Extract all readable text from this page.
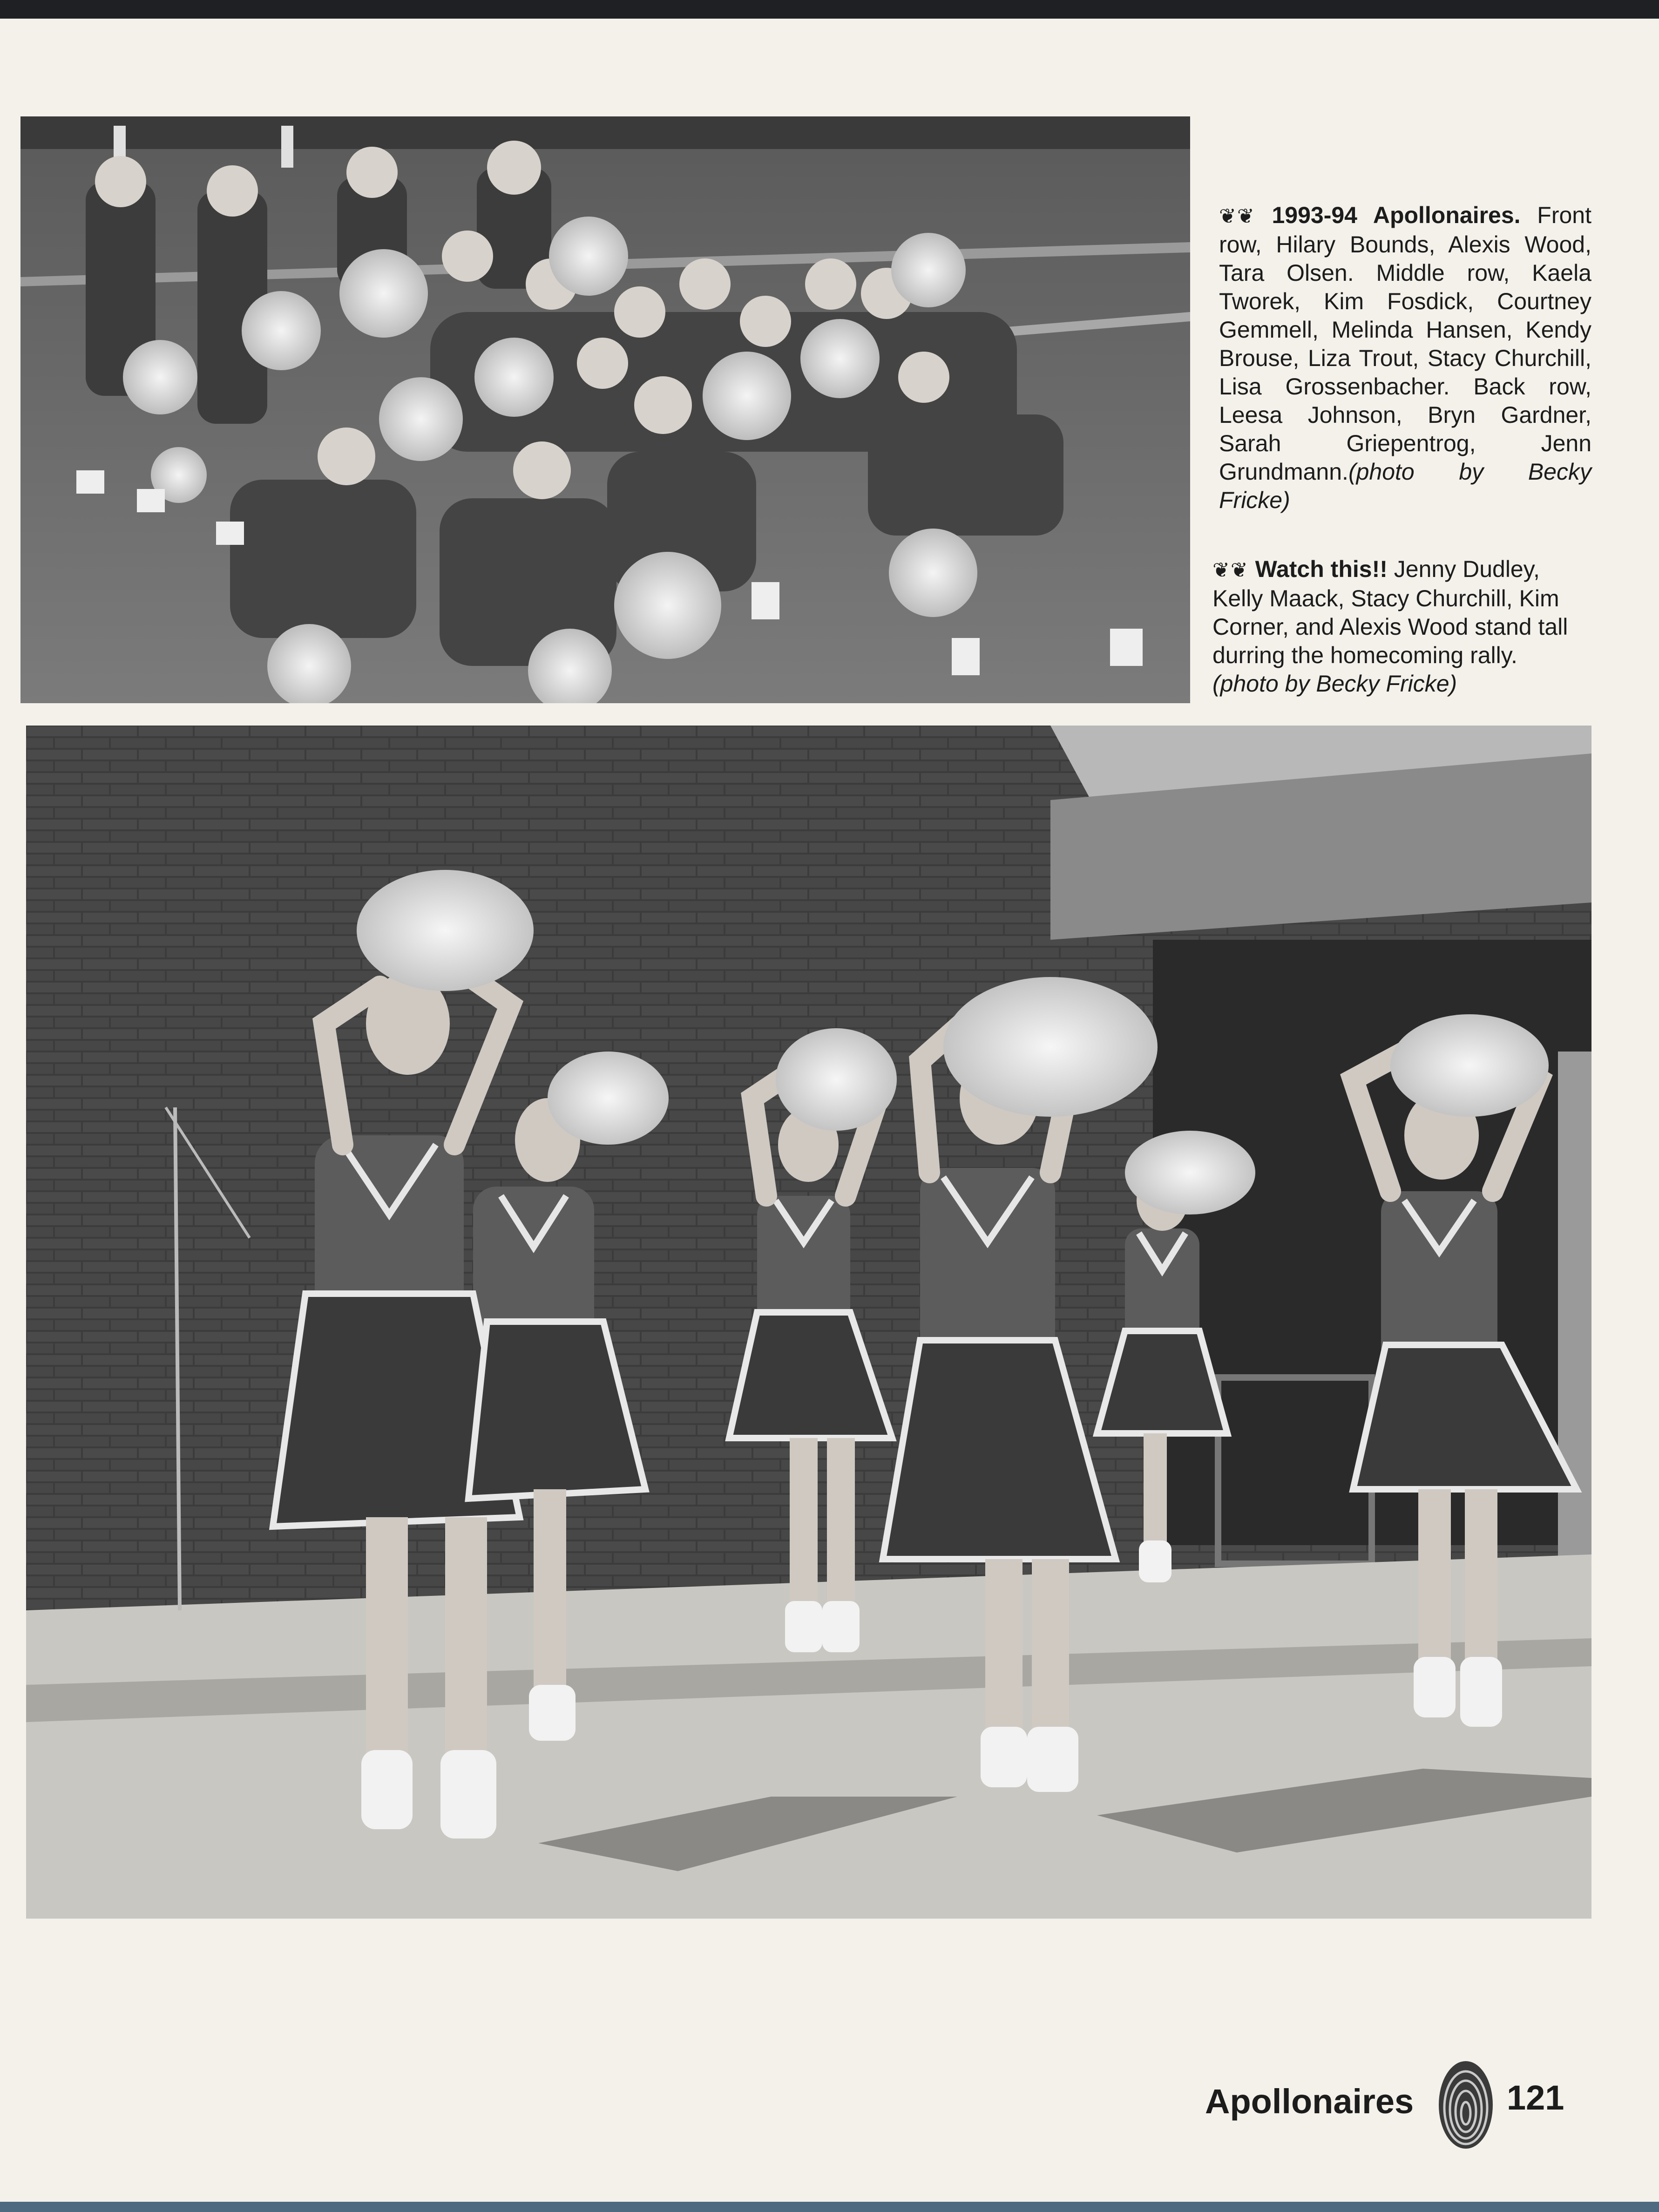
❦❦ 1993-94 Apollonaires. Front row, Hilary Bounds, Alexis Wood, Tara Olsen. Middle row, Kaela Tworek, Kim Fosdick, Courtney Gemmell, Melinda Hansen, Kendy Brouse, Liza Trout, Stacy Churchill, Lisa Grossenbacher. Back row, Leesa Johnson, Bryn Gardner, Sarah Griepentrog, Jenn Grundmann.(photo by Becky Fricke)
❦❦ Watch this!! Jenny Dudley, Kelly Maack, Stacy Churchill, Kim Corner, and Alexis Wood stand tall durring the homecoming rally. (photo by Becky Fricke)
Apollonaires	121
